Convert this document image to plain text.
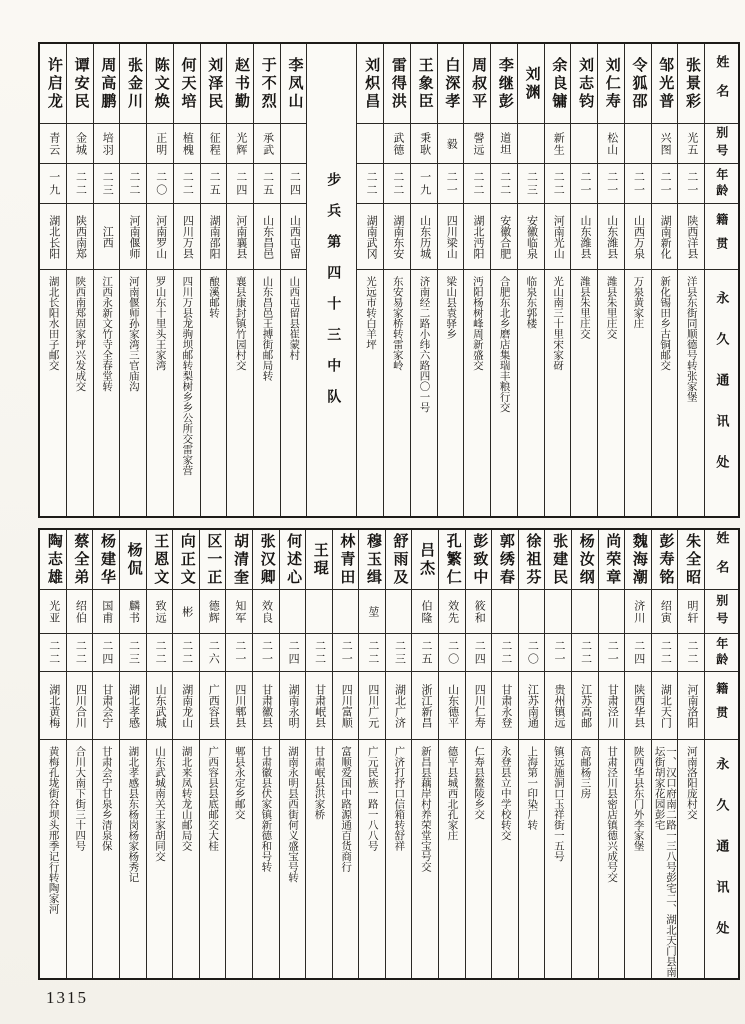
姓名
别号
年龄
籍贯
永久通讯处
张景彩
光五
二一
陕西洋县
洋县东街同顺德号转张家堡
邹光普
兴图
二一
湖南新化
新化锡田乡古铜邮交
令狐邵
二一
山西万泉
万泉黄家庄
刘仁寿
松山
二一
山东潍县
潍县朱里庄交
刘志钧
二一
山东潍县
潍县朱里庄交
余良镛
新生
二二
河南光山
光山南三十里宋家砑
刘渊
二三
安徽临泉
临泉东郭楼
李继彭
道坦
二二
安徽合肥
合肥东北乡磨店集瑞丰粮行交
周叔平
謦远
二二
湖北沔阳
沔阳杨树峰周新盛交
白深孝
毅
二一
四川梁山
梁山县袁驿乡
王象臣
秉耿
一九
山东历城
济南经二路小纬六路四〇一号
雷得洪
武德
二二
湖南东安
东安易家桥转雷家岭
刘炽昌
二二
湖南武冈
光远市转白羊坪
步兵第四十三中队
李凤山
二四
山西屯留
山西屯留县崔蒙村
于不烈
承武
二五
山东昌邑
山东昌邑王搏街邮局转
赵书勤
光辉
二四
河南襄县
襄县康封镇竹园村交
刘泽民
征程
二五
湖南邵阳
酿溪邮转
何天培
植槐
二二
四川万县
四川万县龙驹坝邮转梨树乡乡公所交雷家营
陈文焕
正明
二〇
河南罗山
罗山东十里头王家湾
张金川
二二
河南偃师
河南偃师孙家湾三官庙沟
周高鹏
培羽
二三
江西
江西永新文竹寺全春堂转
谭安民
金城
二二
陕西南郑
陕西南郑固家坪兴发成交
许启龙
青云
一九
湖北长阳
湖北长阳水田子邮交
姓名
别号
年龄
籍贯
永久通讯处
朱全昭
明轩
二二
河南洛阳
河南洛阳庞村交
彭寿铭
绍寅
二二
湖北天门
一、汉口府南二路一三八号彭宅二、湖北天门县南坛街胡家花园彭宅
魏海潮
济川
二四
陕西华县
陕西华县东门外李家堡
尚荣章
二一
甘肃泾川
甘肃泾川县密店镇德兴成号交
杨汝纲
二二
江苏高邮
高邮杨三房
张建民
二一
贵州镇远
镇远施洞口玉祥街一五号
徐祖芬
二〇
江苏南通
上海第一印染厂转
郭绣春
二二
甘肃永登
永登县立中学校转交
彭致中
筱和
二四
四川仁寿
仁寿县鳌陵乡交
孔繁仁
效先
二〇
山东德平
德平县城西北孔家庄
吕杰
伯隆
二五
浙江新昌
新昌县藕岸村养荣堂宝号交
舒雨及
二三
湖北广济
广济打抒口信箱转舒祥
穆玉缉
堃
二二
四川广元
广元民族一路一八八号
林青田
二一
四川富顺
富顺爱国中路源通百货商行
王琨
二二
甘肃岷县
甘肃岷县洪家桥
何述心
二四
湖南永明
湖南永明县西街何义盛宝号转
张汉卿
效良
二一
甘肃徽县
甘肃徽县伏家镇新德和号转
胡清奎
知军
二一
四川郫县
郫县永定乡邮交
区一正
德辉
二六
广西容县
广西容县县底邮交大桂
向正文
彬
二二
湖南龙山
湖北来凤转龙山邮局交
王恩文
致远
二二
山东武城
山东武城南关王家胡同交
杨侃
麟书
二三
湖北孝感
湖北孝感县东杨岗杨家杨秀记
杨建华
国甫
二四
甘肃会宁
甘肃会宁甘泉乡清泉保
蔡全弟
绍伯
二二
四川合川
合川大南下街三十四号
陶志雄
光亚
二二
湖北黄梅
黄梅孔垅街谷坝头邢季记行转陶家河
1315
